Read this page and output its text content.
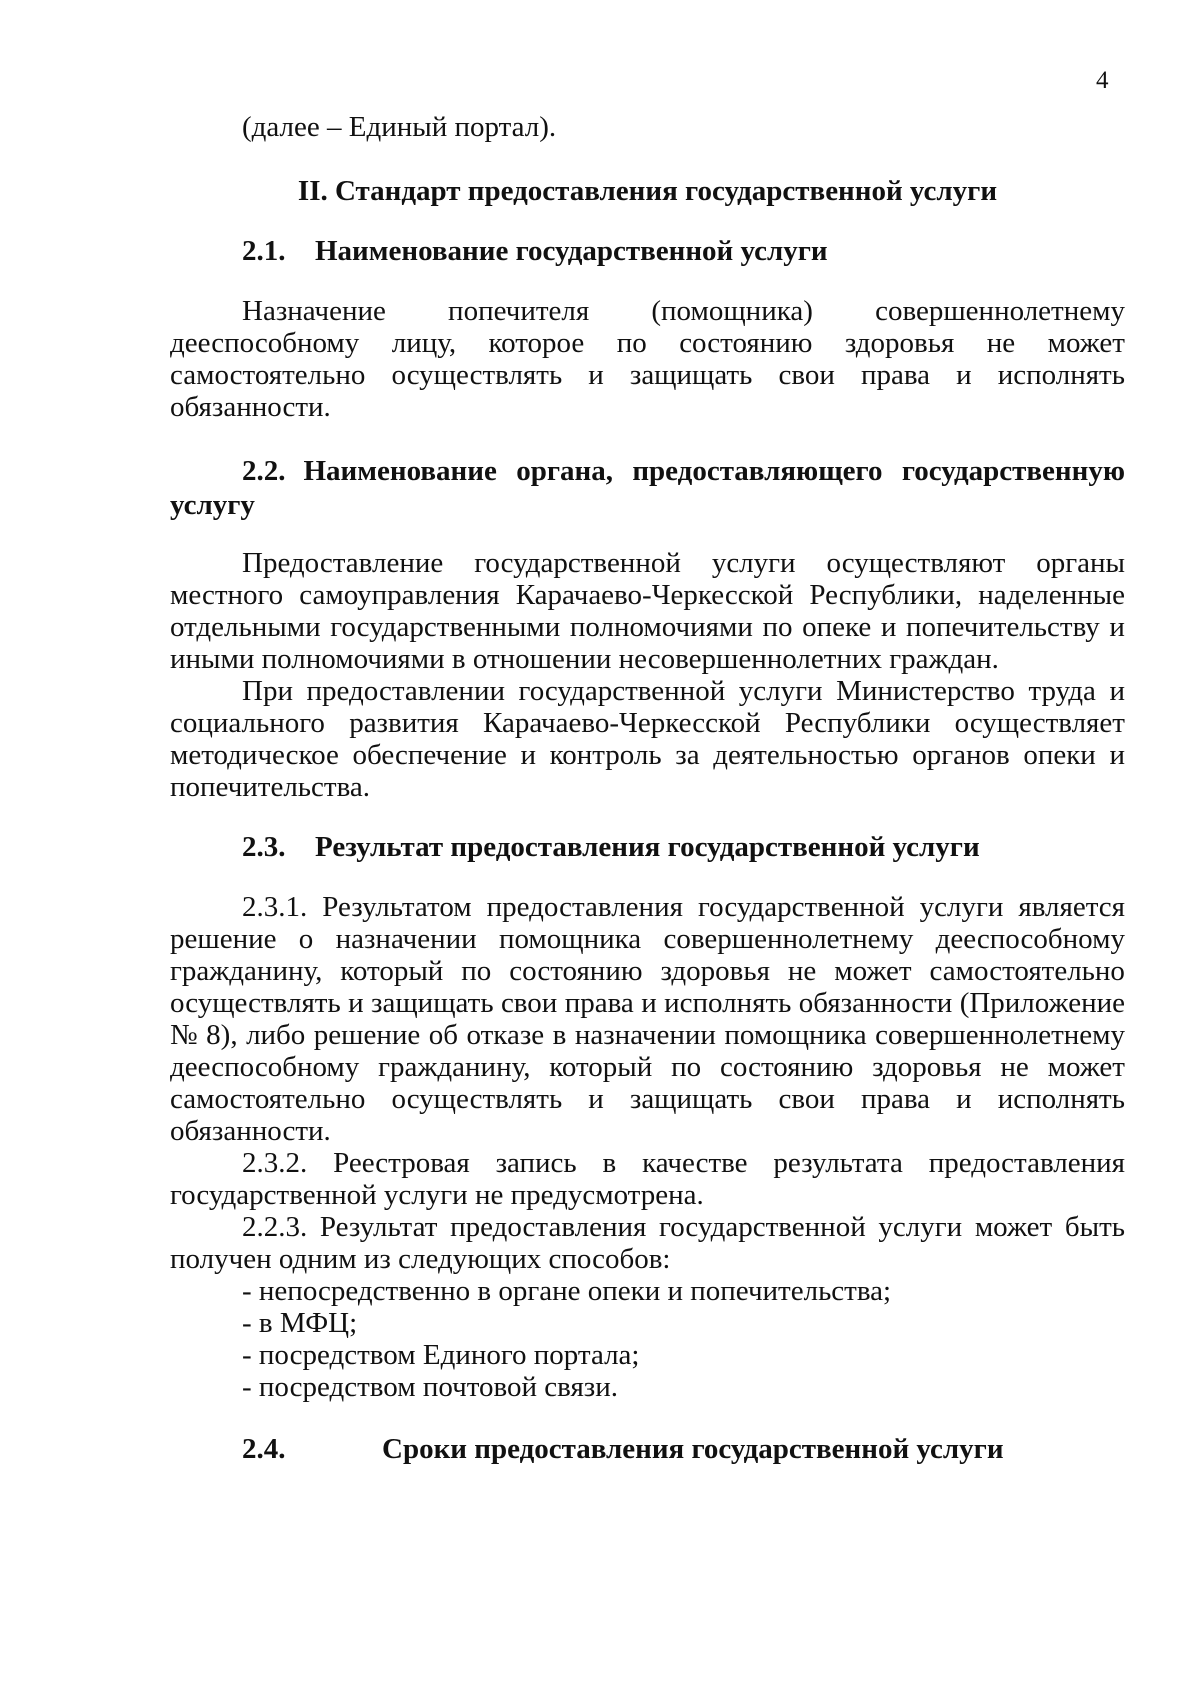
4
(далее – Единый портал).
II. Стандарт предоставления государственной услуги
2.1. Наименование государственной услуги
Назначение попечителя (помощника) совершеннолетнему
дееспособному лицу, которое по состоянию здоровья не может
самостоятельно осуществлять и защищать свои права и исполнять
обязанности.
2.2. Наименование органа, предоставляющего государственную
услугу
Предоставление государственной услуги осуществляют органы
местного самоуправления Карачаево-Черкесской Республики, наделенные
отдельными государственными полномочиями по опеке и попечительству и
иными полномочиями в отношении несовершеннолетних граждан.
При предоставлении государственной услуги Министерство труда и
социального развития Карачаево-Черкесской Республики осуществляет
методическое обеспечение и контроль за деятельностью органов опеки и
попечительства.
2.3. Результат предоставления государственной услуги
2.3.1. Результатом предоставления государственной услуги является
решение о назначении помощника совершеннолетнему дееспособному
гражданину, который по состоянию здоровья не может самостоятельно
осуществлять и защищать свои права и исполнять обязанности (Приложение
№ 8), либо решение об отказе в назначении помощника совершеннолетнему
дееспособному гражданину, который по состоянию здоровья не может
самостоятельно осуществлять и защищать свои права и исполнять
обязанности.
2.3.2. Реестровая запись в качестве результата предоставления
государственной услуги не предусмотрена.
2.2.3. Результат предоставления государственной услуги может быть
получен одним из следующих способов:
- непосредственно в органе опеки и попечительства;
- в МФЦ;
- посредством Единого портала;
- посредством почтовой связи.
2.4.	Сроки предоставления государственной услуги
